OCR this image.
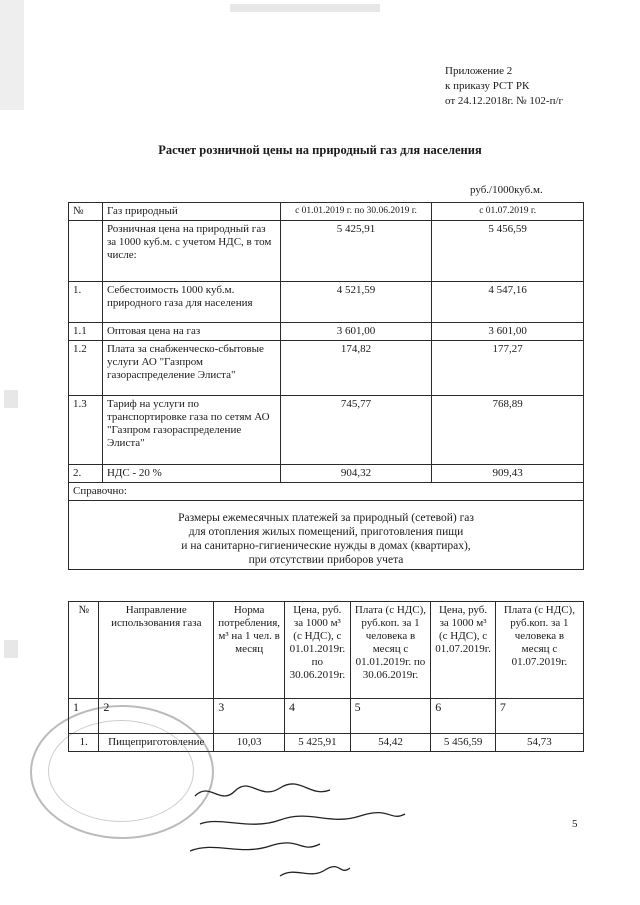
Приложение 2
к приказу РСТ РК
от 24.12.2018г. № 102-п/г
Расчет розничной цены на природный газ для населения
руб./1000куб.м.
№	Газ природный	с 01.01.2019 г. по 30.06.2019 г.	с 01.07.2019 г.
	Розничная цена на природный газ за 1000 куб.м. с учетом НДС, в том числе:	5 425,91	5 456,59
1.	Себестоимость 1000 куб.м. природного газа для населения	4 521,59	4 547,16
1.1	Оптовая цена на газ	3 601,00	3 601,00
1.2	Плата за снабженческо-сбытовые услуги АО "Газпром газораспределение Элиста"	174,82	177,27
1.3	Тариф на услуги по транспортировке газа по сетям АО "Газпром газораспределение Элиста"	745,77	768,89
2.	НДС - 20 %	904,32	909,43
Справочно:			

Размеры ежемесячных платежей за природный (сетевой) газ
для отопления жилых помещений, приготовления пищи
и на санитарно-гигиенические нужды в домах (квартирах),
при отсутствии приборов учета			
№	Направление использования газа	Норма потребления, м³ на 1 чел. в месяц	Цена, руб. за 1000 м³ (с НДС), с 01.01.2019г. по 30.06.2019г.	Плата (с НДС), руб.коп. за 1 человека в месяц с 01.01.2019г. по 30.06.2019г.	Цена, руб. за 1000 м³ (с НДС), с 01.07.2019г.	Плата (с НДС), руб.коп. за 1 человека в месяц с 01.07.2019г.
1	2	3	4	5	6	7
1.	Пищеприготовление	10,03	5 425,91	54,42	5 456,59	54,73
5
